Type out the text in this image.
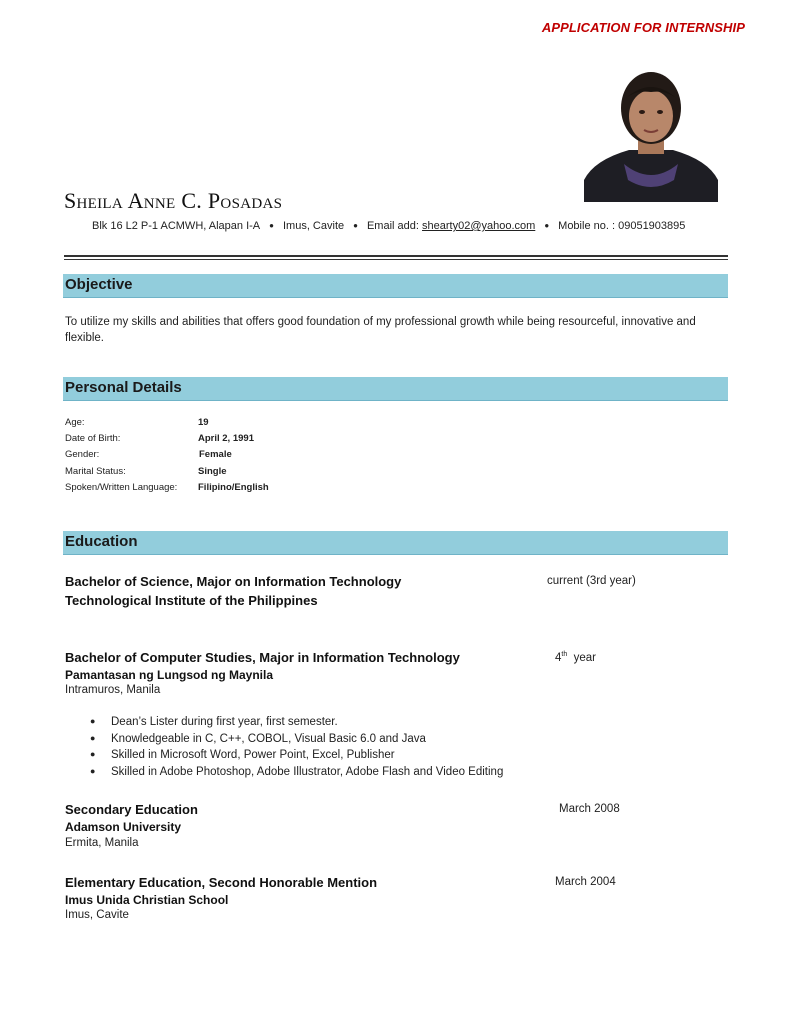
APPLICATION FOR INTERNSHIP
Sheila Anne C. Posadas
Blk 16 L2 P-1 ACMWH, Alapan I-A ● Imus, Cavite ● Email add: shearty02@yahoo.com ● Mobile no. : 09051903895
Objective
To utilize my skills and abilities that offers good foundation of my professional growth while being resourceful, innovative and flexible.
Personal Details
Age:	19
Date of Birth:	April 2, 1991
Gender:	Female
Marital Status:	Single
Spoken/Written Language: Filipino/English
Education
Bachelor of Science, Major on Information Technology	current (3rd year)
Technological Institute of the Philippines
Bachelor of Computer Studies, Major in Information Technology	4th year
Pamantasan ng Lungsod ng Maynila
Intramuros, Manila
● Dean’s Lister during first year, first semester.
● Knowledgeable in C, C++, COBOL, Visual Basic 6.0 and Java
● Skilled in Microsoft Word, Power Point, Excel, Publisher
● Skilled in Adobe Photoshop, Adobe Illustrator, Adobe Flash and Video Editing
Secondary Education	March 2008
Adamson University
Ermita, Manila
Elementary Education, Second Honorable Mention	March 2004
Imus Unida Christian School
Imus, Cavite
